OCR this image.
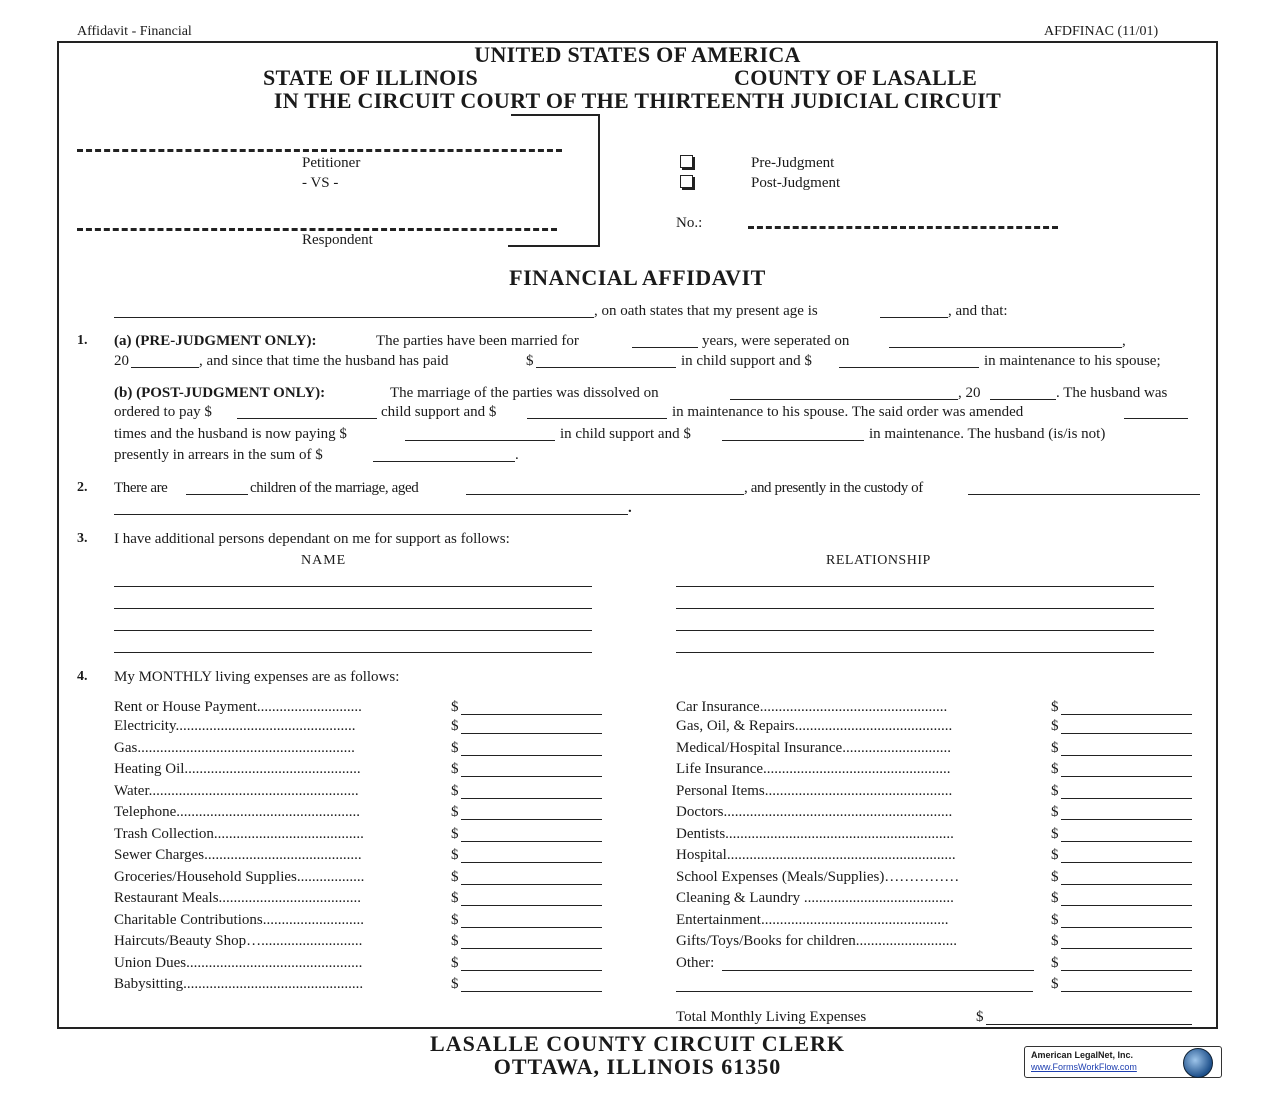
Affidavit - Financial	AFDFINAC (11/01)
UNITED STATES OF AMERICA
STATE OF ILLINOIS	COUNTY OF LASALLE
IN THE CIRCUIT COURT OF THE THIRTEENTH JUDICIAL CIRCUIT
Petitioner
- VS -
Respondent
Pre-Judgment
Post-Judgment
No.:
FINANCIAL AFFIDAVIT
, on oath states that my present age is	, and that:
1. (a) (PRE-JUDGMENT ONLY):	The parties have been married for	years, were seperated on	,
20	, and since that time the husband has paid	$	in child support and $	in maintenance to his spouse;
(b) (POST-JUDGMENT ONLY):	The marriage of the parties was dissolved on	, 20	. The husband was
ordered to pay $	child support and $	in maintenance to his spouse. The said order was amended
times and the husband is now paying $	in child support and $	in maintenance. The husband (is/is not)
presently in arrears in the sum of $	.
2. There are	children of the marriage, aged	, and presently in the custody of
.
3. I have additional persons dependant on me for support as follows:
NAME	RELATIONSHIP
4. My MONTHLY living expenses are as follows:
Rent or House Payment............................	$	Car Insurance..................................................	$
Electricity................................................	$	Gas, Oil, & Repairs..........................................	$
Gas..........................................................	$	Medical/Hospital Insurance.............................	$
Heating Oil...............................................	$	Life Insurance..................................................	$
Water........................................................	$	Personal Items..................................................	$
Telephone.................................................	$	Doctors.............................................................	$
Trash Collection........................................	$	Dentists.............................................................	$
Sewer Charges..........................................	$	Hospital.............................................................	$
Groceries/Household Supplies..................	$	School Expenses (Meals/Supplies)……………	$
Restaurant Meals......................................	$	Cleaning & Laundry ........................................	$
Charitable Contributions...........................	$	Entertainment..................................................	$
Haircuts/Beauty Shop…...........................	$	Gifts/Toys/Books for children...........................	$
Union Dues...............................................	$	Other:	$
Babysitting................................................	$	$
Total Monthly Living Expenses	$
LASALLE COUNTY CIRCUIT CLERK
OTTAWA, ILLINOIS 61350	American LegalNet, Inc.
www.FormsWorkFlow.com
